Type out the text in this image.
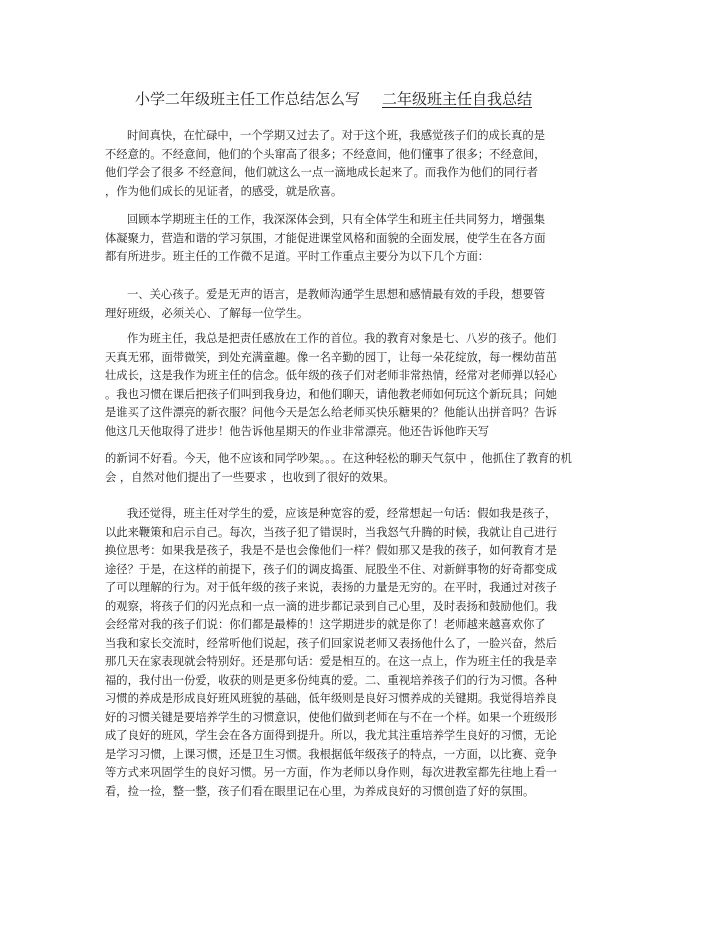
小学二年级班主任工作总结怎么写 二年级班主任自我总结
时间真快，在忙碌中，一个学期又过去了。对于这个班，我感觉孩子们的成长真的是
不经意的。不经意间，他们的个头窜高了很多；不经意间，他们懂事了很多；不经意间，
他们学会了很多 不经意间，他们就这么一点一滴地成长起来了。而我作为他们的同行者
，作为他们成长的见证者，的感受，就是欣喜。
回顾本学期班主任的工作，我深深体会到，只有全体学生和班主任共同努力，增强集
体凝聚力，营造和谐的学习氛围，才能促进课堂风格和面貌的全面发展，使学生在各方面
都有所进步。班主任的工作微不足道。平时工作重点主要分为以下几个方面：
一、关心孩子。爱是无声的语言，是教师沟通学生思想和感情最有效的手段，想要管
理好班级，必须关心、了解每一位学生。
作为班主任，我总是把责任感放在工作的首位。我的教育对象是七、八岁的孩子。他们
天真无邪，面带微笑，到处充满童趣。像一名辛勤的园丁，让每一朵花绽放，每一棵幼苗茁
壮成长，这是我作为班主任的信念。低年级的孩子们对老师非常热情，经常对老师弹以轻心
。我也习惯在课后把孩子们叫到我身边，和他们聊天，请他教老师如何玩这个新玩具；问她
是谁买了这件漂亮的新衣服？问他今天是怎么给老师买快乐糖果的？他能认出拼音吗？告诉
他这几天他取得了进步！他告诉他星期天的作业非常漂亮。他还告诉他昨天写
的新词不好看。今天，他不应该和同学吵架。。。在这种轻松的聊天气氛中 ，他抓住了教育的机
会 ，自然对他们提出了一些要求 ，也收到了很好的效果。
我还觉得，班主任对学生的爱，应该是种宽容的爱，经常想起一句话：假如我是孩子，
以此来鞭策和启示自己。每次，当孩子犯了错误时，当我怒气升腾的时候，我就让自己进行
换位思考：如果我是孩子，我是不是也会像他们一样？假如那又是我的孩子，如何教育才是
途径？于是，在这样的前提下，孩子们的调皮捣蛋、屁股坐不住、对新鲜事物的好奇都变成
了可以理解的行为。对于低年级的孩子来说，表扬的力量是无穷的。在平时，我通过对孩子
的观察，将孩子们的闪光点和一点一滴的进步都记录到自己心里，及时表扬和鼓励他们。我
会经常对我的孩子们说：你们都是最棒的！这学期进步的就是你了！老师越来越喜欢你了
当我和家长交流时，经常听他们说起，孩子们回家说老师又表扬他什么了，一脸兴奋，然后
那几天在家表现就会特别好。还是那句话：爱是相互的。在这一点上，作为班主任的我是幸
福的，我付出一份爱，收获的则是更多份纯真的爱。二、重视培养孩子们的行为习惯。各种
习惯的养成是形成良好班风班貌的基础，低年级则是良好习惯养成的关键期。我觉得培养良
好的习惯关键是要培养学生的习惯意识，使他们做到老师在与不在一个样。如果一个班级形
成了良好的班风，学生会在各方面得到提升。所以，我尤其注重培养学生良好的习惯，无论
是学习习惯，上课习惯，还是卫生习惯。我根据低年级孩子的特点，一方面，以比赛、竞争
等方式来巩固学生的良好习惯。另一方面，作为老师以身作则，每次进教室都先往地上看一
看，捡一捡，整一整，孩子们看在眼里记在心里，为养成良好的习惯创造了好的氛围。
